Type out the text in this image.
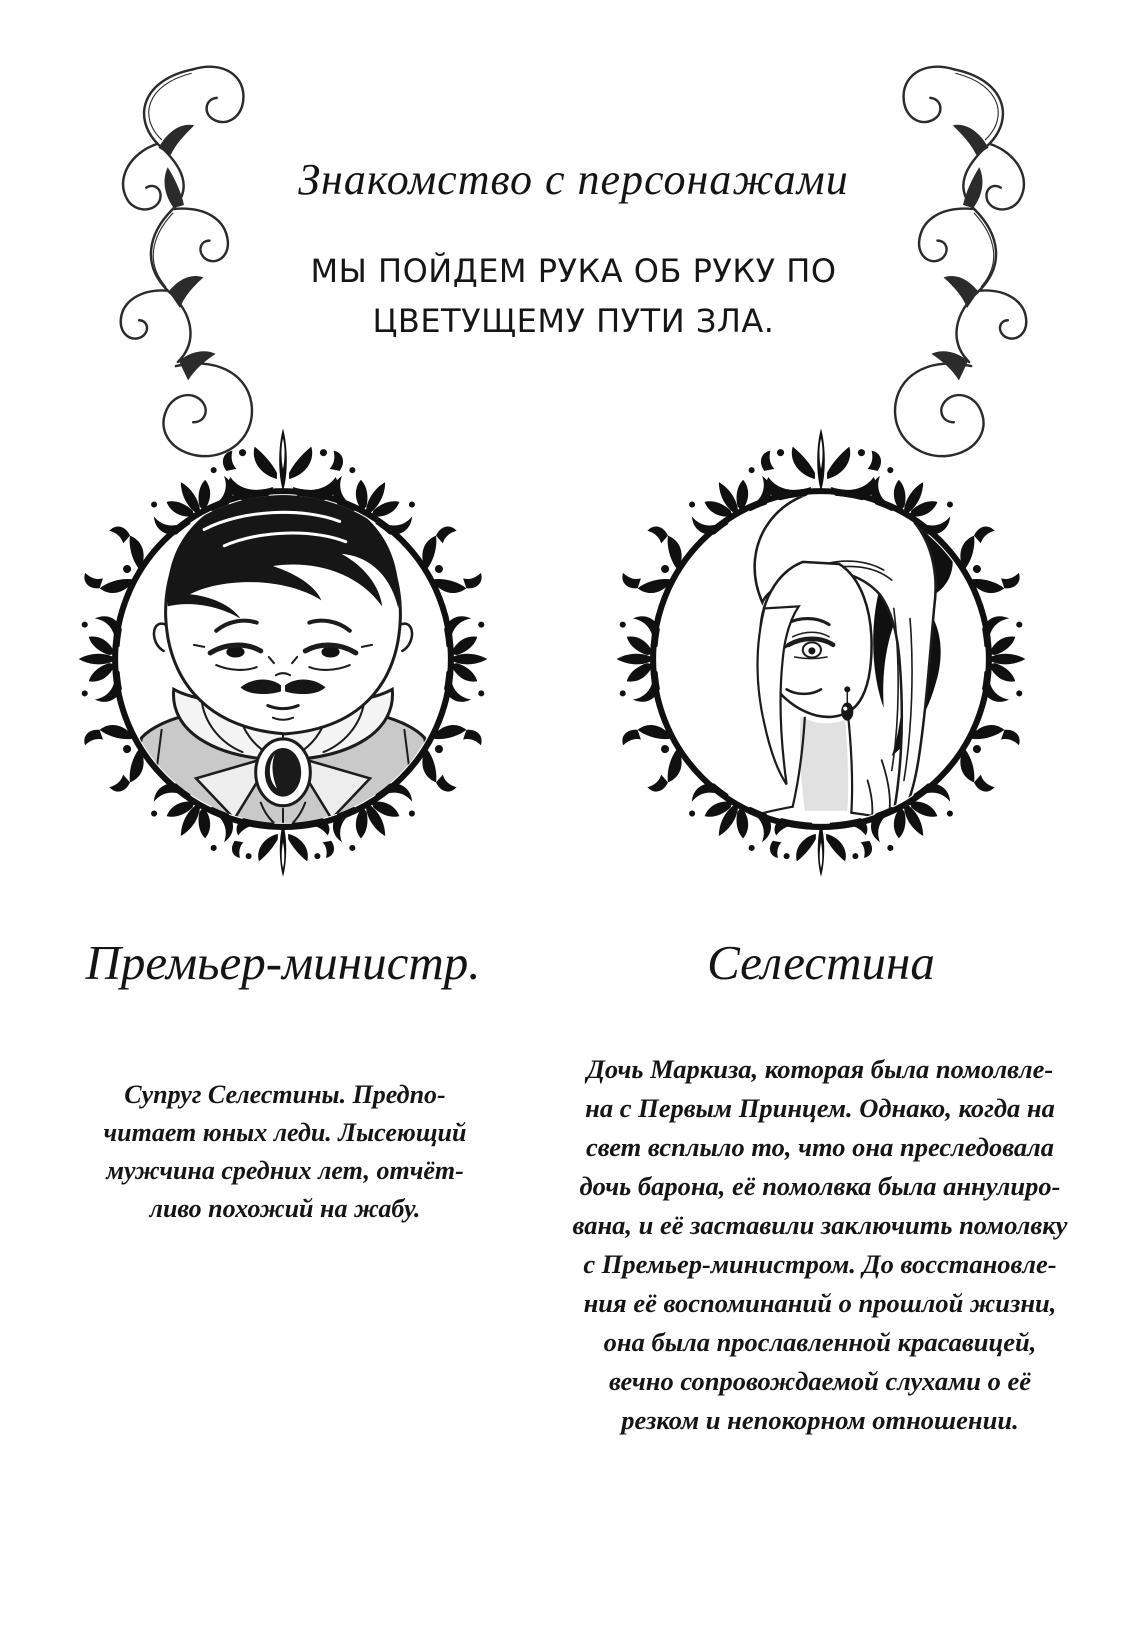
Знакомство с персонажами
МЫ ПОЙДЕМ РУКА ОБ РУКУ ПО
ЦВЕТУЩЕМУ ПУТИ ЗЛА.
Премьер-министр.	Селестина
Супруг Селестины. Предпо-
читает юных леди. Лысеющий
мужчина средних лет, отчёт-
ливо похожий на жабу.
Дочь Маркиза, которая была помолвле-
на с Первым Принцем. Однако, когда на
свет всплыло то, что она преследовала
дочь барона, её помолвка была аннулиро-
вана, и её заставили заключить помолвку
с Премьер-министром. До восстановле-
ния её воспоминаний о прошлой жизни,
она была прославленной красавицей,
вечно сопровождаемой слухами о её
резком и непокорном отношении.
